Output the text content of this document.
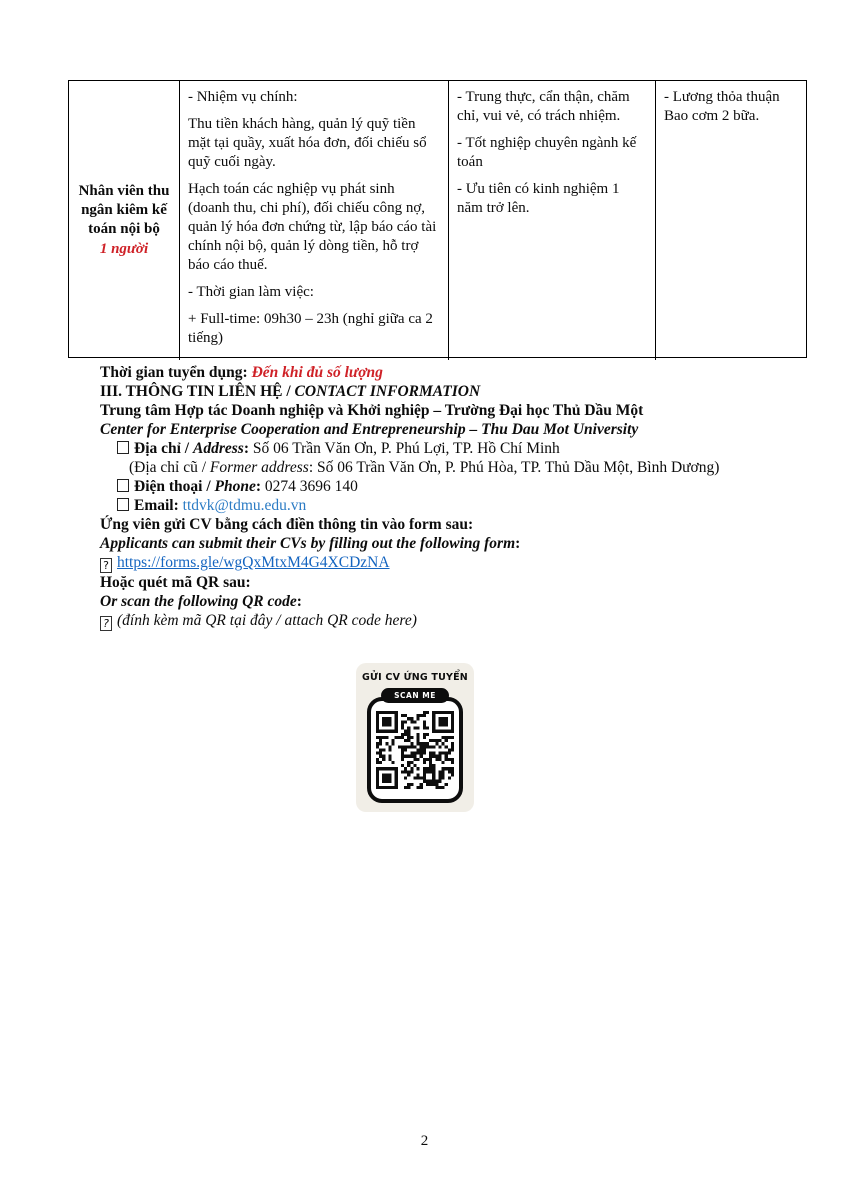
Nhân viên thu ngân kiêm kế toán nội bộ
1 người

- Nhiệm vụ chính:

Thu tiền khách hàng, quản lý quỹ tiền mặt tại quầy, xuất hóa đơn, đối chiếu sổ quỹ cuối ngày.

Hạch toán các nghiệp vụ phát sinh (doanh thu, chi phí), đối chiếu công nợ, quản lý hóa đơn chứng từ, lập báo cáo tài chính nội bộ, quản lý dòng tiền, hỗ trợ báo cáo thuế.

- Thời gian làm việc:

+ Full-time: 09h30 – 23h (nghỉ giữa ca 2 tiếng)

- Trung thực, cẩn thận, chăm chỉ, vui vẻ, có trách nhiệm.

- Tốt nghiệp chuyên ngành kế toán

- Ưu tiên có kinh nghiệm 1 năm trở lên.

- Lương thỏa thuận

Bao cơm 2 bữa.

Thời gian tuyển dụng: Đến khi đủ số lượng

III. THÔNG TIN LIÊN HỆ / CONTACT INFORMATION

Trung tâm Hợp tác Doanh nghiệp và Khởi nghiệp – Trường Đại học Thủ Dầu Một

Center for Enterprise Cooperation and Entrepreneurship – Thu Dau Mot University

Địa chỉ / Address: Số 06 Trần Văn Ơn, P. Phú Lợi, TP. Hồ Chí Minh

(Địa chỉ cũ / Former address: Số 06 Trần Văn Ơn, P. Phú Hòa, TP. Thủ Dầu Một, Bình Dương)

Điện thoại / Phone: 0274 3696 140

Email: ttdvk@tdmu.edu.vn

Ứng viên gửi CV bằng cách điền thông tin vào form sau:

Applicants can submit their CVs by filling out the following form:

? https://forms.gle/wgQxMtxM4G4XCDzNA

Hoặc quét mã QR sau:

Or scan the following QR code:

? (đính kèm mã QR tại đây / attach QR code here)

GỬI CV ỨNG TUYỂN
SCAN ME
2
